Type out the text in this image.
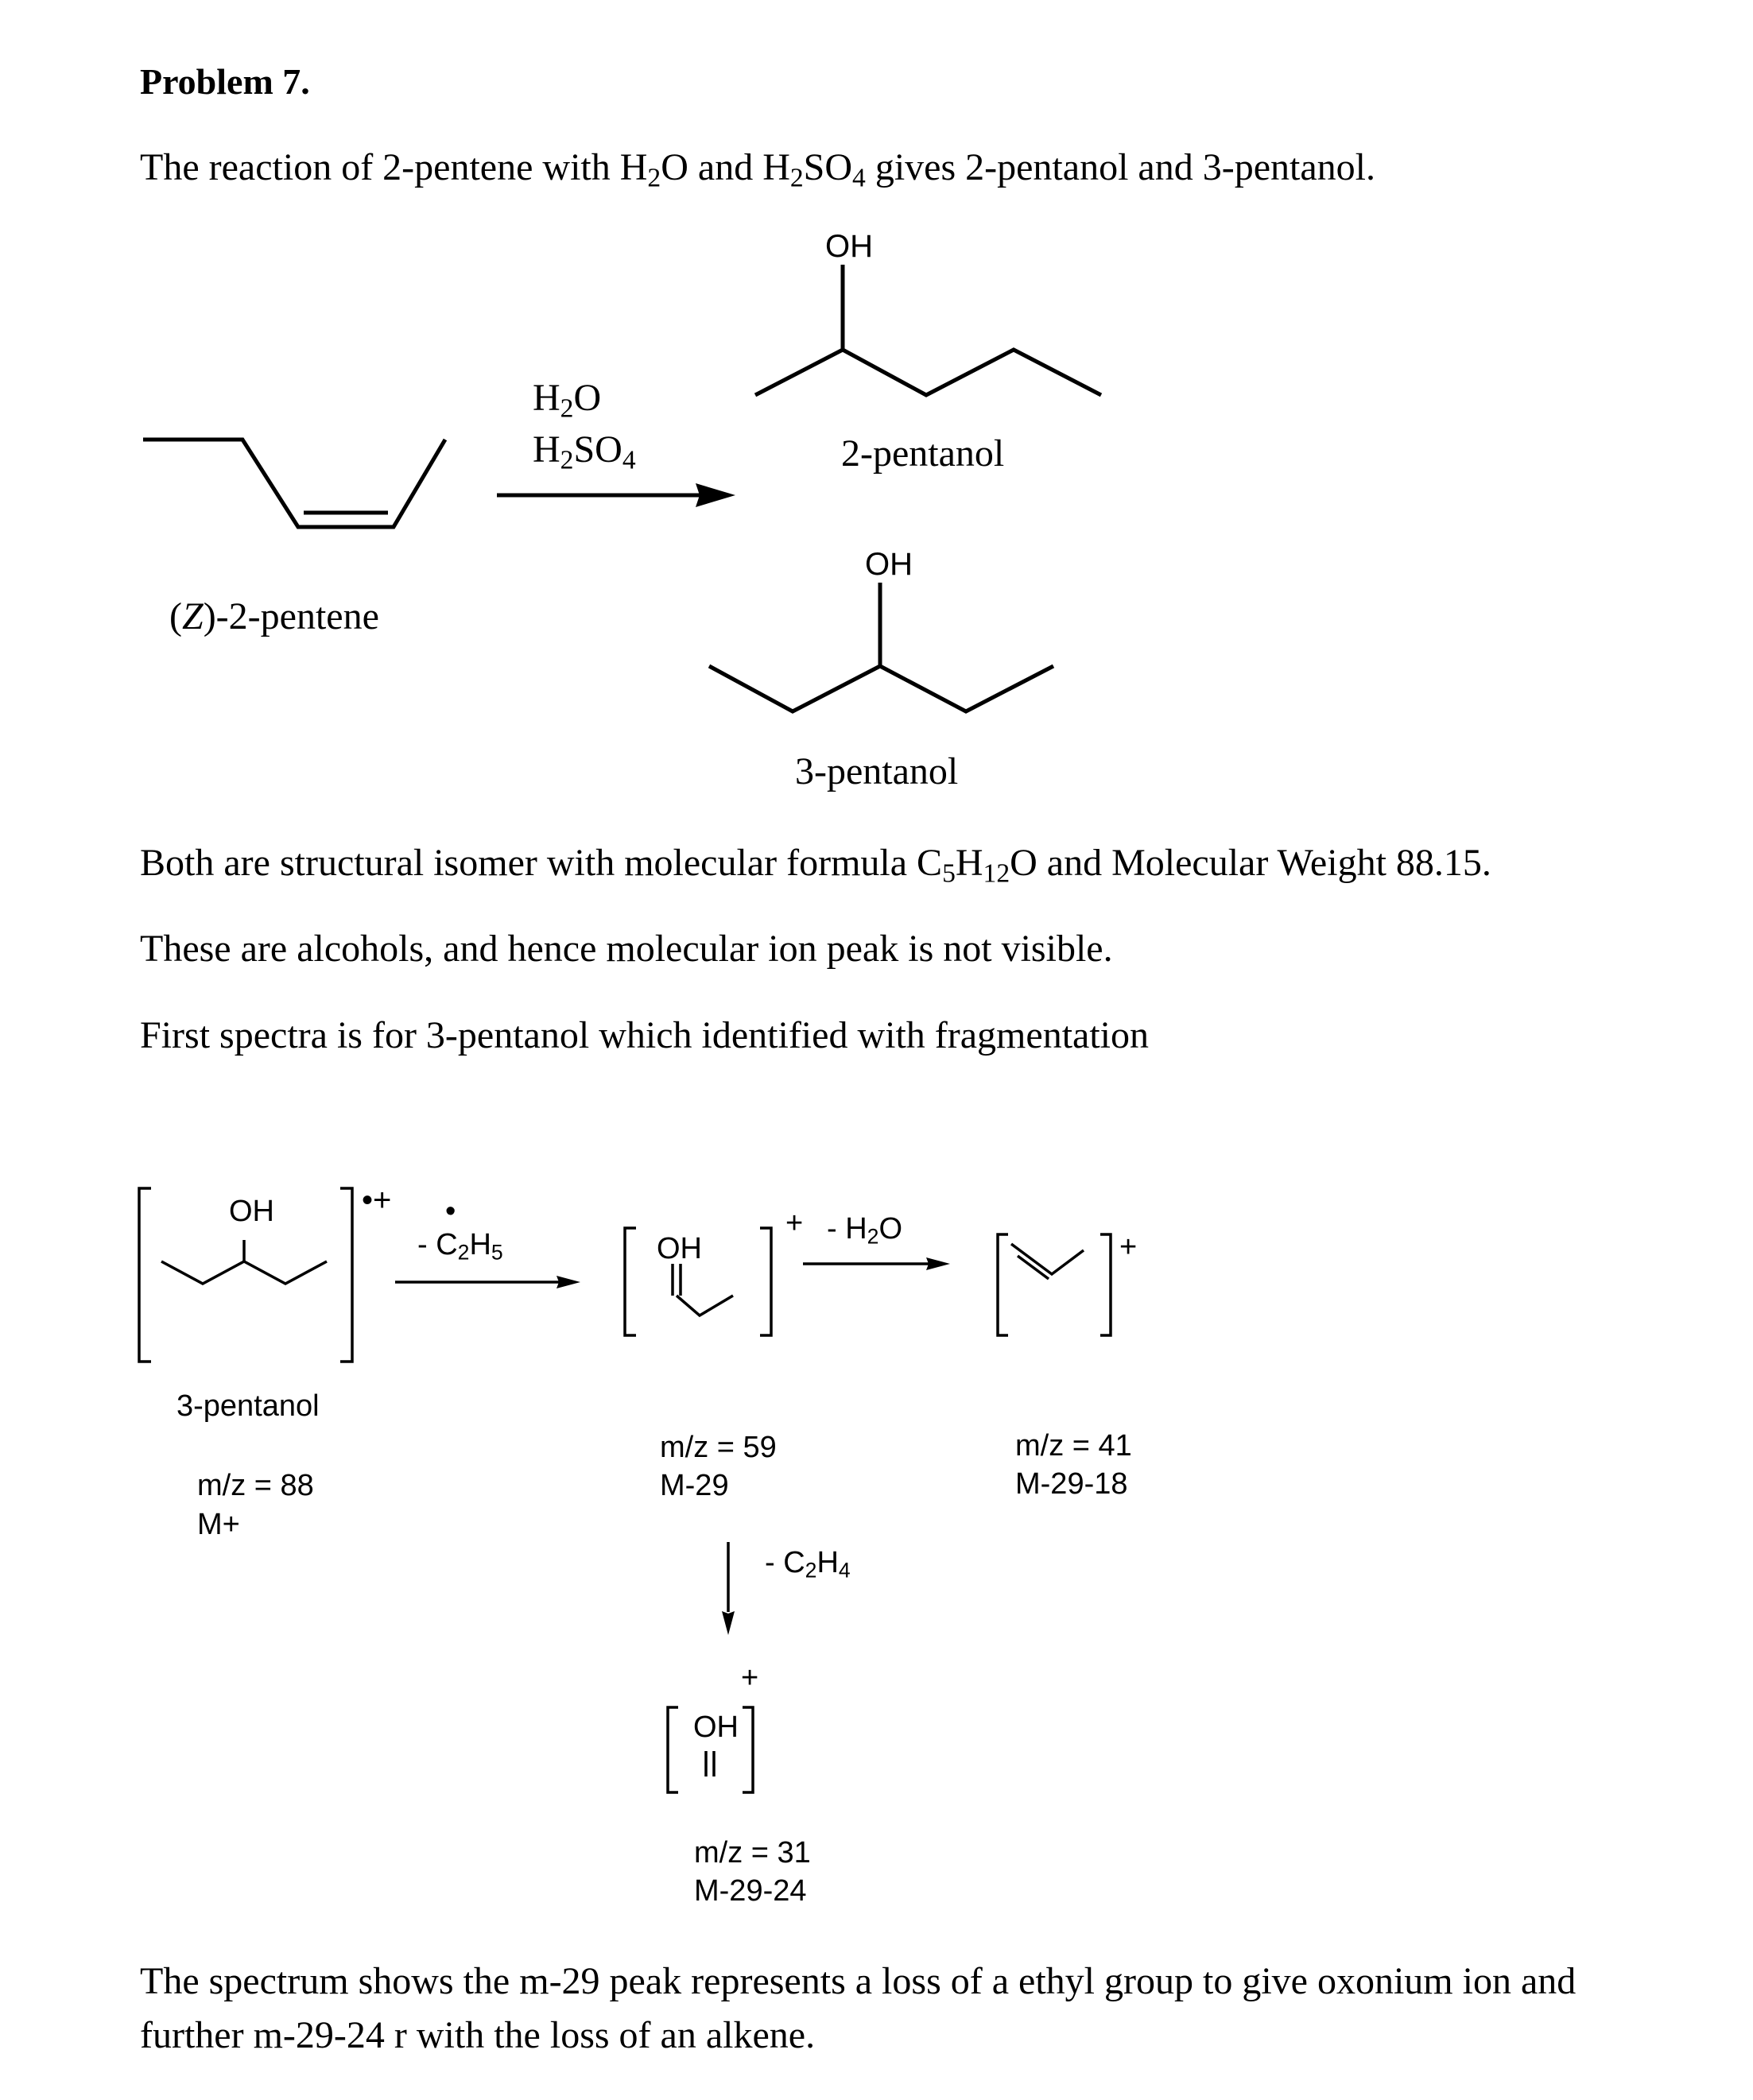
Problem 7.
The reaction of 2-pentene with $H_2O$ and $H_2SO_4$ gives 2-pentanol and 3-pentanol.
(Z)-2-pentene
$H_2O$
$H_2SO_4$
OH
2-pentanol
OH
3-pentanol
Both are structural isomer with molecular formula $C_5H_{12}O$ and Molecular Weight 88.15.
These are alcohols, and hence molecular ion peak is not visible.
First spectra is for 3-pentanol which identified with fragmentation
OH	•+
3-pentanol
m/z = 88
M+
•
- $C_2H_5$	OH
+
m/z = 59
M-29
- $H_2O$
+
m/z = 41
M-29-18
- $C_2H_4$
+
OH
m/z = 31
M-29-24
The spectrum shows the m-29 peak represents a loss of a ethyl group to give oxonium ion and
further m-29-24 r with the loss of an alkene.
